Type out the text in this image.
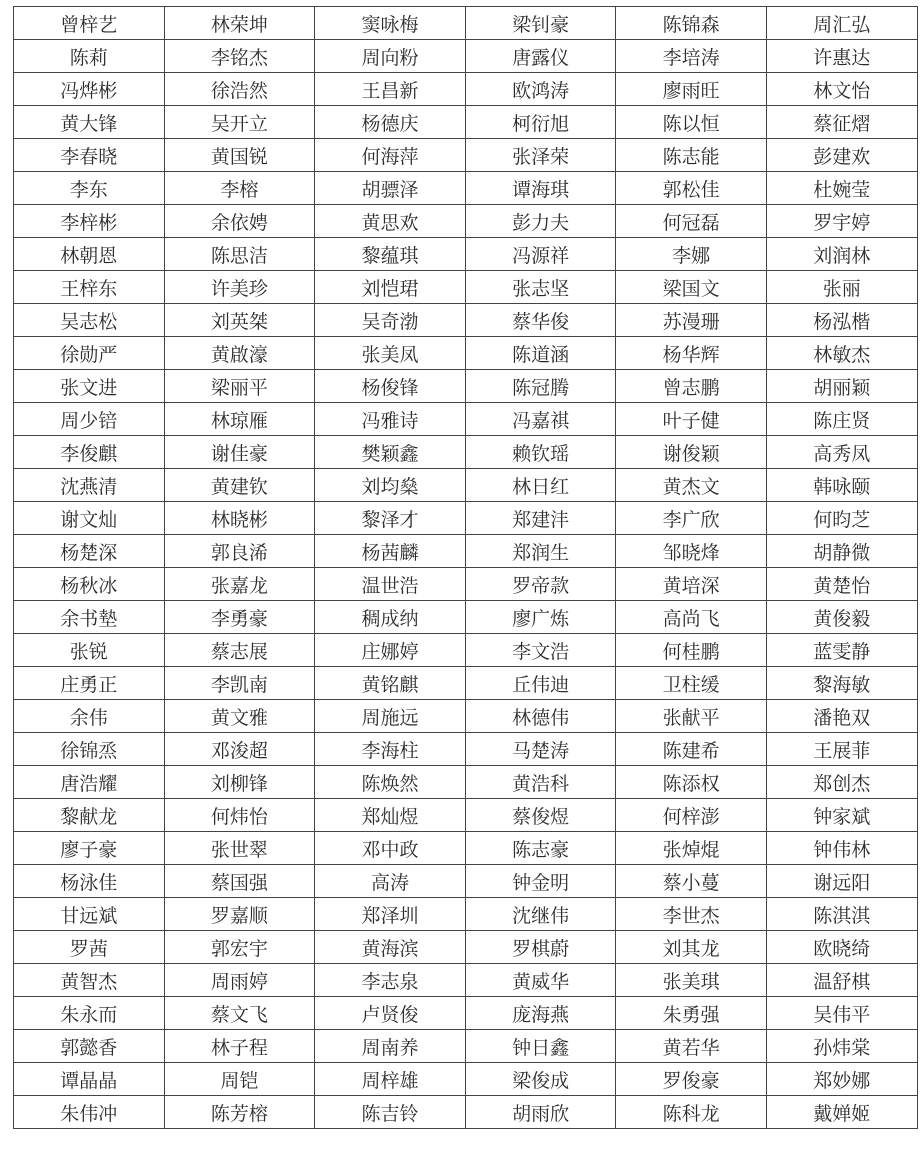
曾梓艺	林荣坤	窦咏梅	梁钊豪	陈锦森	周汇弘
陈莉	李铭杰	周向粉	唐露仪	李培涛	许惠达
冯烨彬	徐浩然	王昌新	欧鸿涛	廖雨旺	林文怡
黄大锋	吴开立	杨德庆	柯衍旭	陈以恒	蔡征熠
李春晓	黄国锐	何海萍	张泽荣	陈志能	彭建欢
李东	李榕	胡骠泽	谭海琪	郭松佳	杜婉莹
李梓彬	余依娉	黄思欢	彭力夫	何冠磊	罗宇婷
林朝恩	陈思洁	黎蕴琪	冯源祥	李娜	刘润林
王梓东	许美珍	刘恺珺	张志坚	梁国文	张丽
吴志松	刘英桀	吴奇渤	蔡华俊	苏漫珊	杨泓楷
徐勋严	黄啟濠	张美凤	陈道涵	杨华辉	林敏杰
张文进	梁丽平	杨俊锋	陈冠腾	曾志鹏	胡丽颖
周少锫	林琼雁	冯雅诗	冯嘉祺	叶子健	陈庄贤
李俊麒	谢佳豪	樊颖鑫	赖钦瑶	谢俊颖	高秀凤
沈燕清	黄建钦	刘均燊	林日红	黄杰文	韩咏颐
谢文灿	林晓彬	黎泽才	郑建沣	李广欣	何昀芝
杨楚深	郭良浠	杨茜麟	郑润生	邹晓烽	胡静微
杨秋冰	张嘉龙	温世浩	罗帝款	黄培深	黄楚怡
余书墊	李勇豪	稠成纳	廖广炼	高尚飞	黄俊毅
张锐	蔡志展	庄娜婷	李文浩	何桂鹏	蓝雯静
庄勇正	李凯南	黄铭麒	丘伟迪	卫柱缓	黎海敏
余伟	黄文雅	周施远	林德伟	张献平	潘艳双
徐锦烝	邓浚超	李海柱	马楚涛	陈建希	王展菲
唐浩耀	刘柳锋	陈焕然	黄浩科	陈添权	郑创杰
黎献龙	何炜怡	郑灿煜	蔡俊煜	何梓澎	钟家斌
廖子豪	张世翠	邓中政	陈志豪	张焯焜	钟伟林
杨泳佳	蔡国强	高涛	钟金明	蔡小蔓	谢远阳
甘远斌	罗嘉顺	郑泽圳	沈继伟	李世杰	陈淇淇
罗茜	郭宏宇	黄海滨	罗棋蔚	刘其龙	欧晓绮
黄智杰	周雨婷	李志泉	黄威华	张美琪	温舒棋
朱永而	蔡文飞	卢贤俊	庞海燕	朱勇强	吴伟平
郭懿香	林子程	周南养	钟日鑫	黄若华	孙炜棠
谭晶晶	周铠	周梓雄	梁俊成	罗俊豪	郑妙娜
朱伟冲	陈芳榕	陈吉铃	胡雨欣	陈科龙	戴婵姬
